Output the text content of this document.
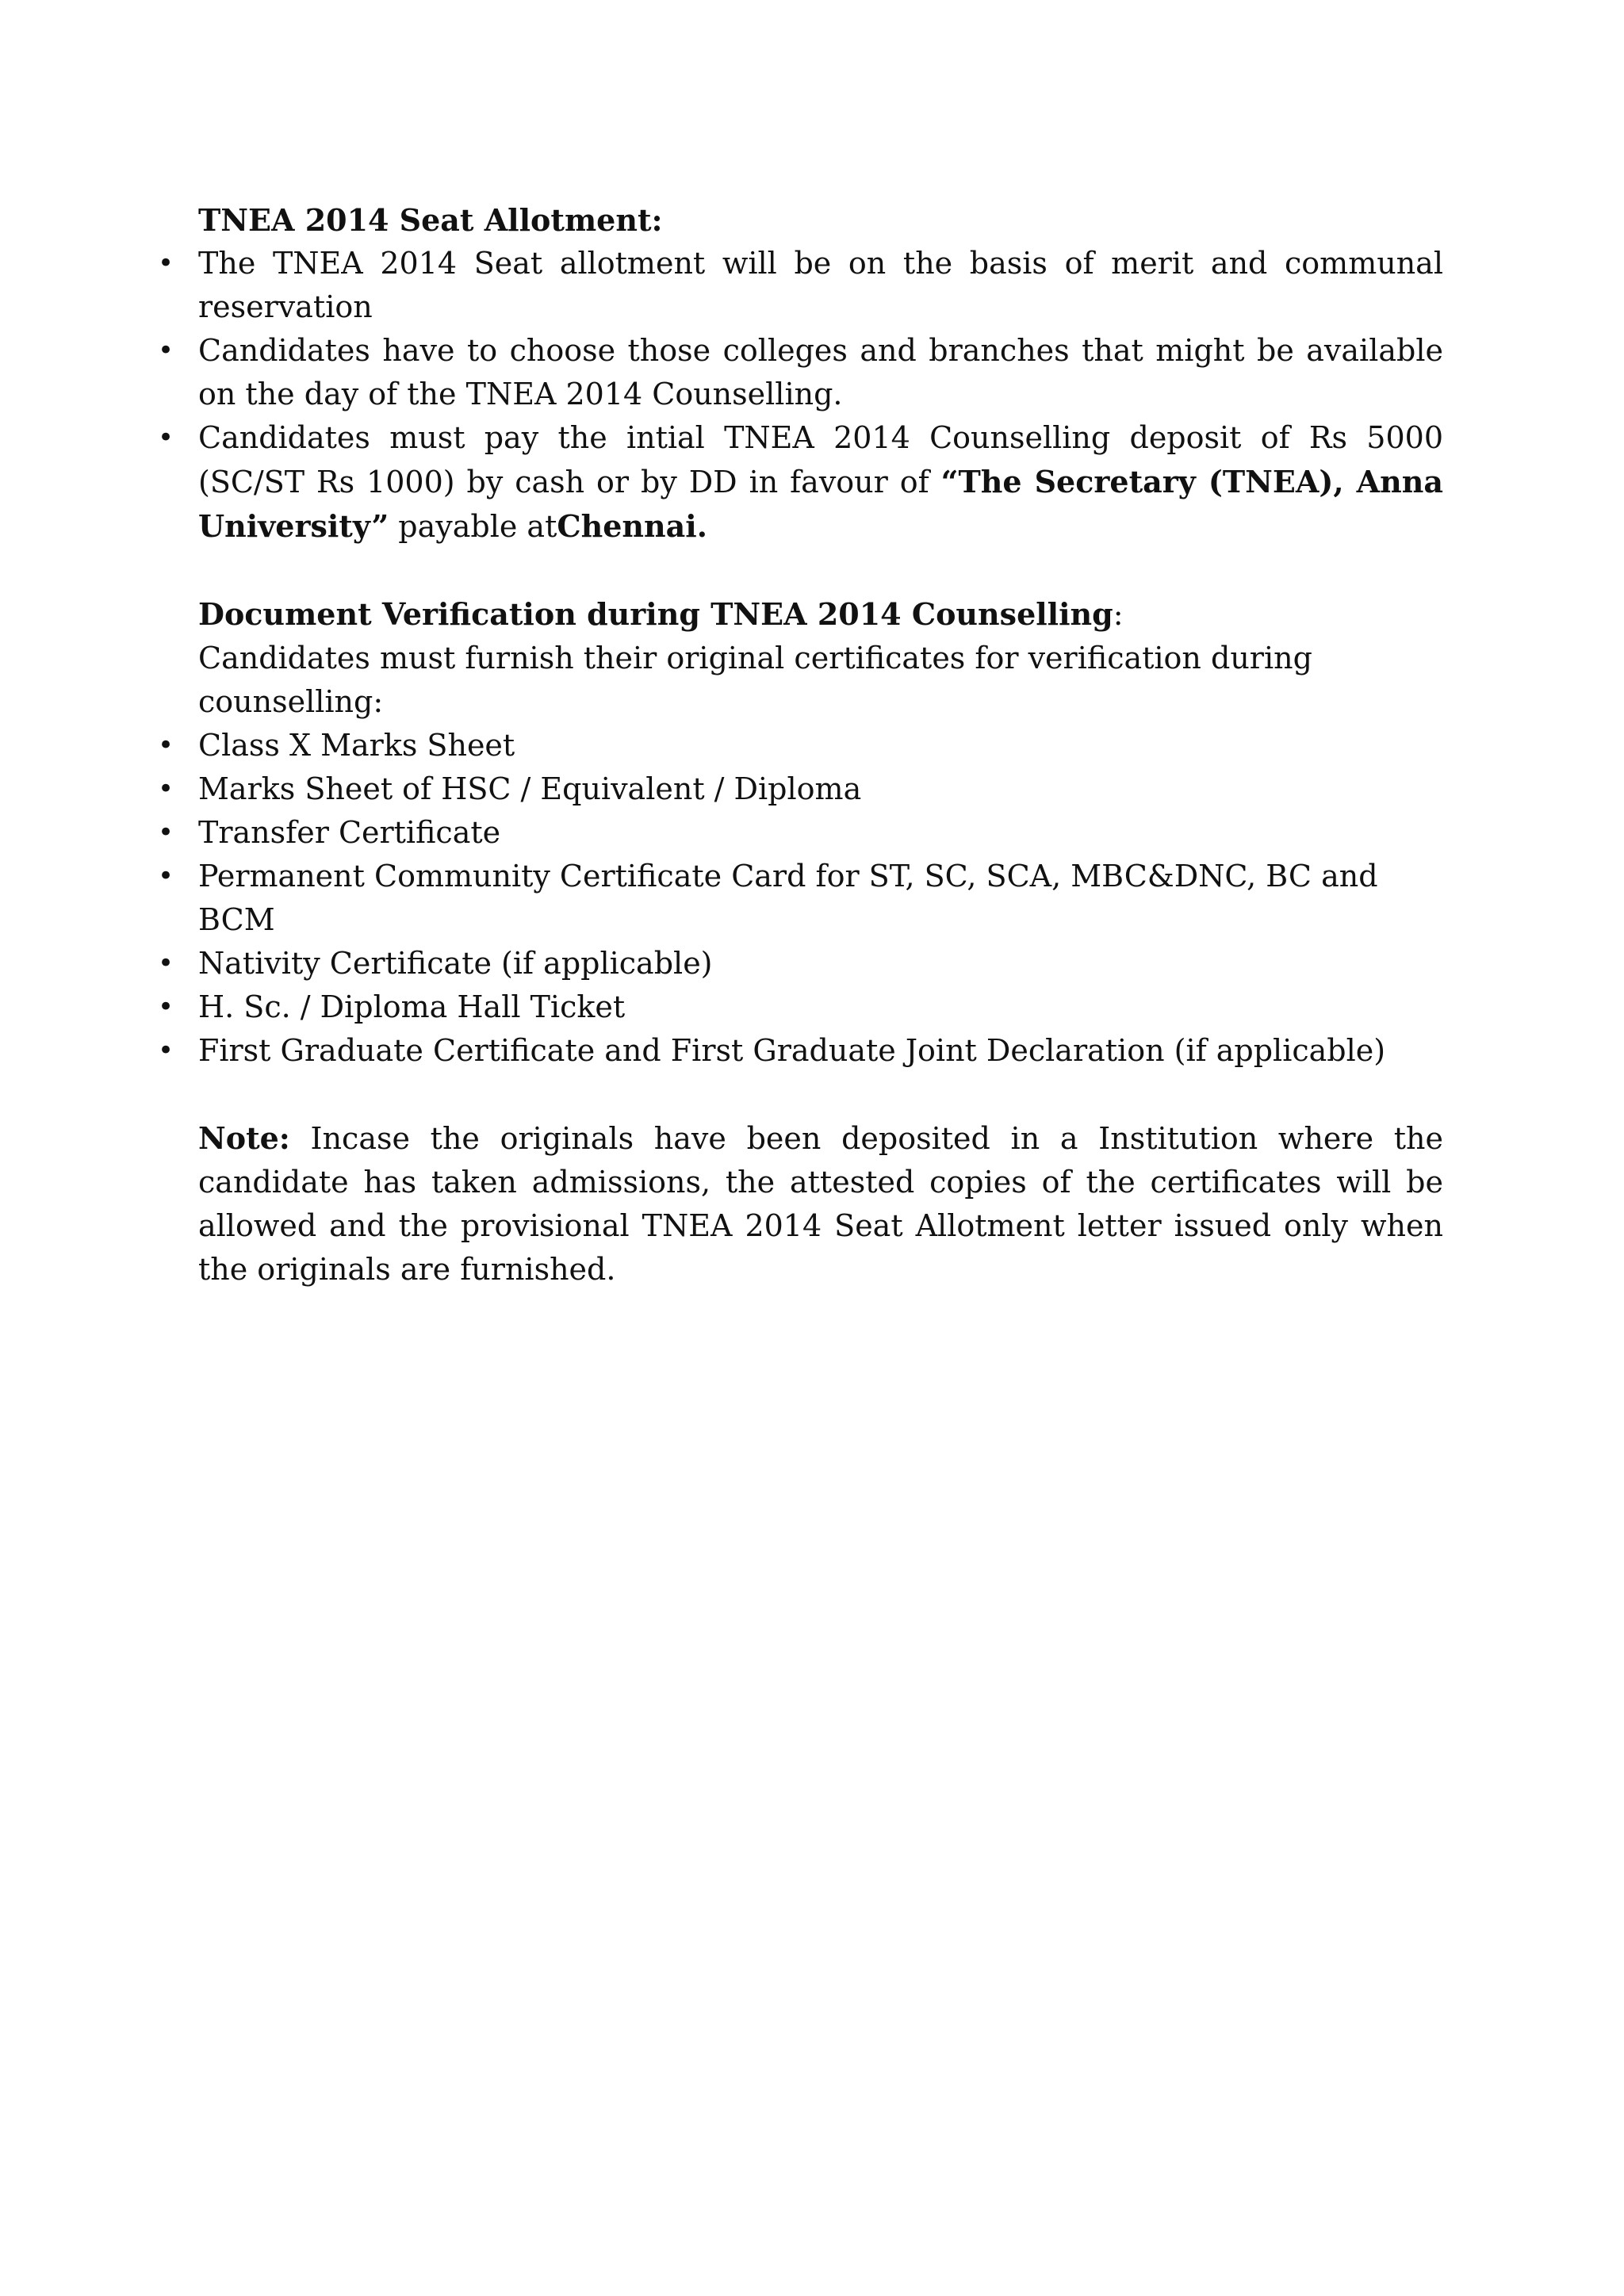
TNEA 2014 Seat Allotment:

• The TNEA 2014 Seat allotment will be on the basis of merit and communal reservation
• Candidates have to choose those colleges and branches that might be available on the day of the TNEA 2014 Counselling.
• Candidates must pay the intial TNEA 2014 Counselling deposit of Rs 5000 (SC/ST Rs 1000) by cash or by DD in favour of “The Secretary (TNEA), Anna University” payable atChennai.

Document Verification during TNEA 2014 Counselling:

Candidates must furnish their original certificates for verification during counselling:

• Class X Marks Sheet
• Marks Sheet of HSC / Equivalent / Diploma
• Transfer Certificate
• Permanent Community Certificate Card for ST, SC, SCA, MBC&DNC, BC and BCM
• Nativity Certificate (if applicable)
• H. Sc. / Diploma Hall Ticket
• First Graduate Certificate and First Graduate Joint Declaration (if applicable)

Note: Incase the originals have been deposited in a Institution where the candidate has taken admissions, the attested copies of the certificates will be allowed and the provisional TNEA 2014 Seat Allotment letter issued only when the originals are furnished.
